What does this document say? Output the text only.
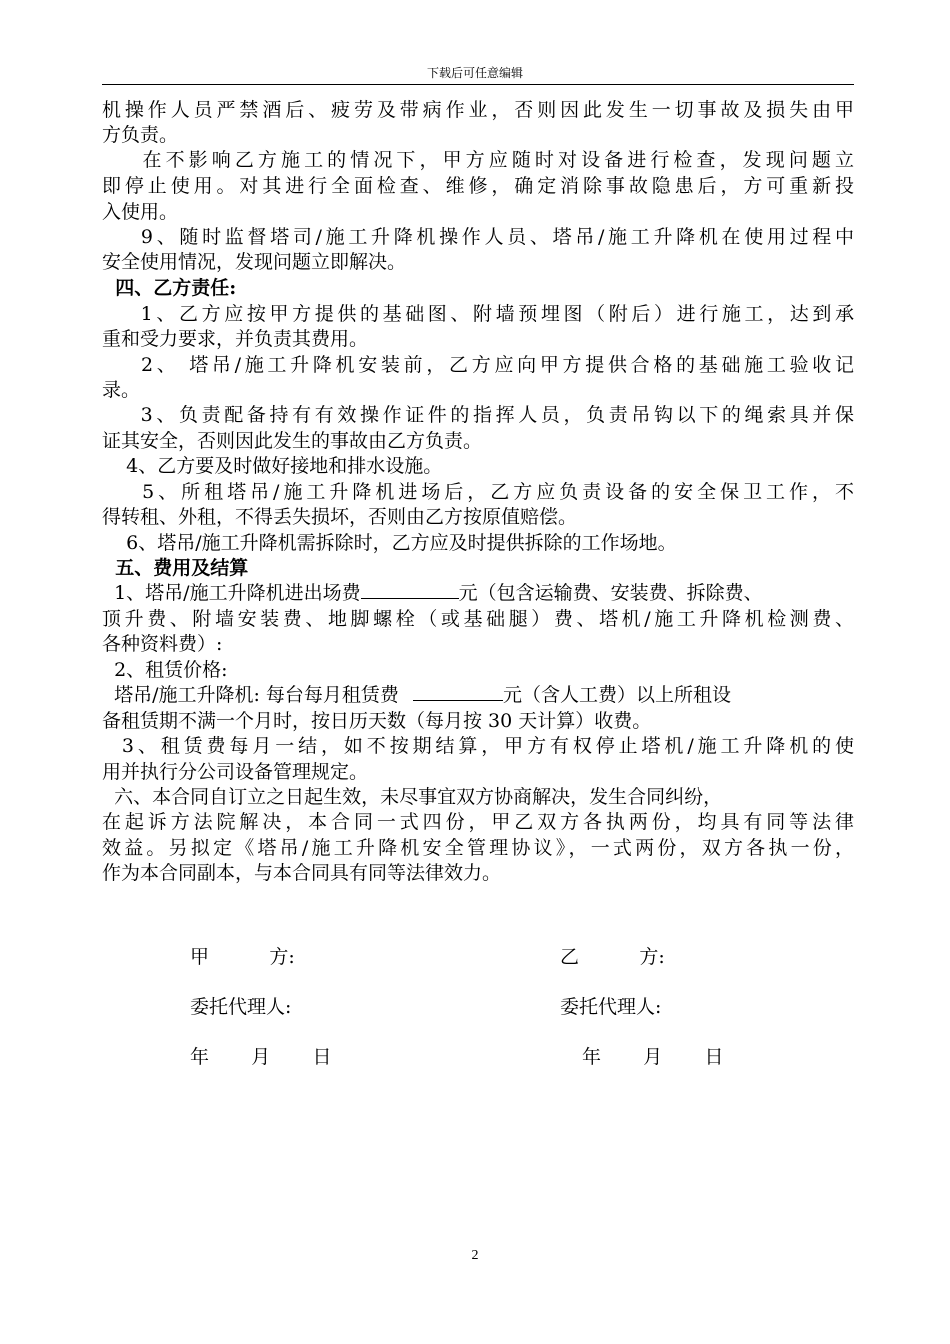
下载后可任意编辑
机操作人员严禁酒后、疲劳及带病作业，否则因此发生一切事故及损失由甲
方负责。
在不影响乙方施工的情况下，甲方应随时对设备进行检查，发现问题立
即停止使用。对其进行全面检查、维修，确定消除事故隐患后，方可重新投
入使用。
9、随时监督塔司/施工升降机操作人员、塔吊/施工升降机在使用过程中
安全使用情况，发现问题立即解决。
四、乙方责任:
1、乙方应按甲方提供的基础图、附墙预埋图（附后）进行施工，达到承
重和受力要求，并负责其费用。
2、 塔吊/施工升降机安装前，乙方应向甲方提供合格的基础施工验收记
录。
3、负责配备持有有效操作证件的指挥人员，负责吊钩以下的绳索具并保
证其安全，否则因此发生的事故由乙方负责。
4、乙方要及时做好接地和排水设施。
5、所租塔吊/施工升降机进场后，乙方应负责设备的安全保卫工作，不
得转租、外租，不得丢失损坏，否则由乙方按原值赔偿。
6、塔吊/施工升降机需拆除时，乙方应及时提供拆除的工作场地。
五、费用及结算
1、塔吊/施工升降机进出场费	元（包含运输费、安装费、拆除费、
顶升费、附墙安装费、地脚螺栓（或基础腿）费、塔机/施工升降机检测费、
各种资料费）:
2、租赁价格:
塔吊/施工升降机: 每台每月租赁费	元（含人工费）以上所租设
备租赁期不满一个月时，按日历天数（每月按 30 天计算）收费。
3、租赁费每月一结，如不按期结算，甲方有权停止塔机/施工升降机的使
用并执行分公司设备管理规定。
六、本合同自订立之日起生效，未尽事宜双方协商解决，发生合同纠纷，
在起诉方法院解决，本合同一式四份，甲乙双方各执两份，均具有同等法律
效益。另拟定《塔吊/施工升降机安全管理协议》，一式两份，双方各执一份，
作为本合同副本，与本合同具有同等法律效力。
甲          方:	乙          方:
委托代理人:	委托代理人:
年       月       日	年       月       日
2
